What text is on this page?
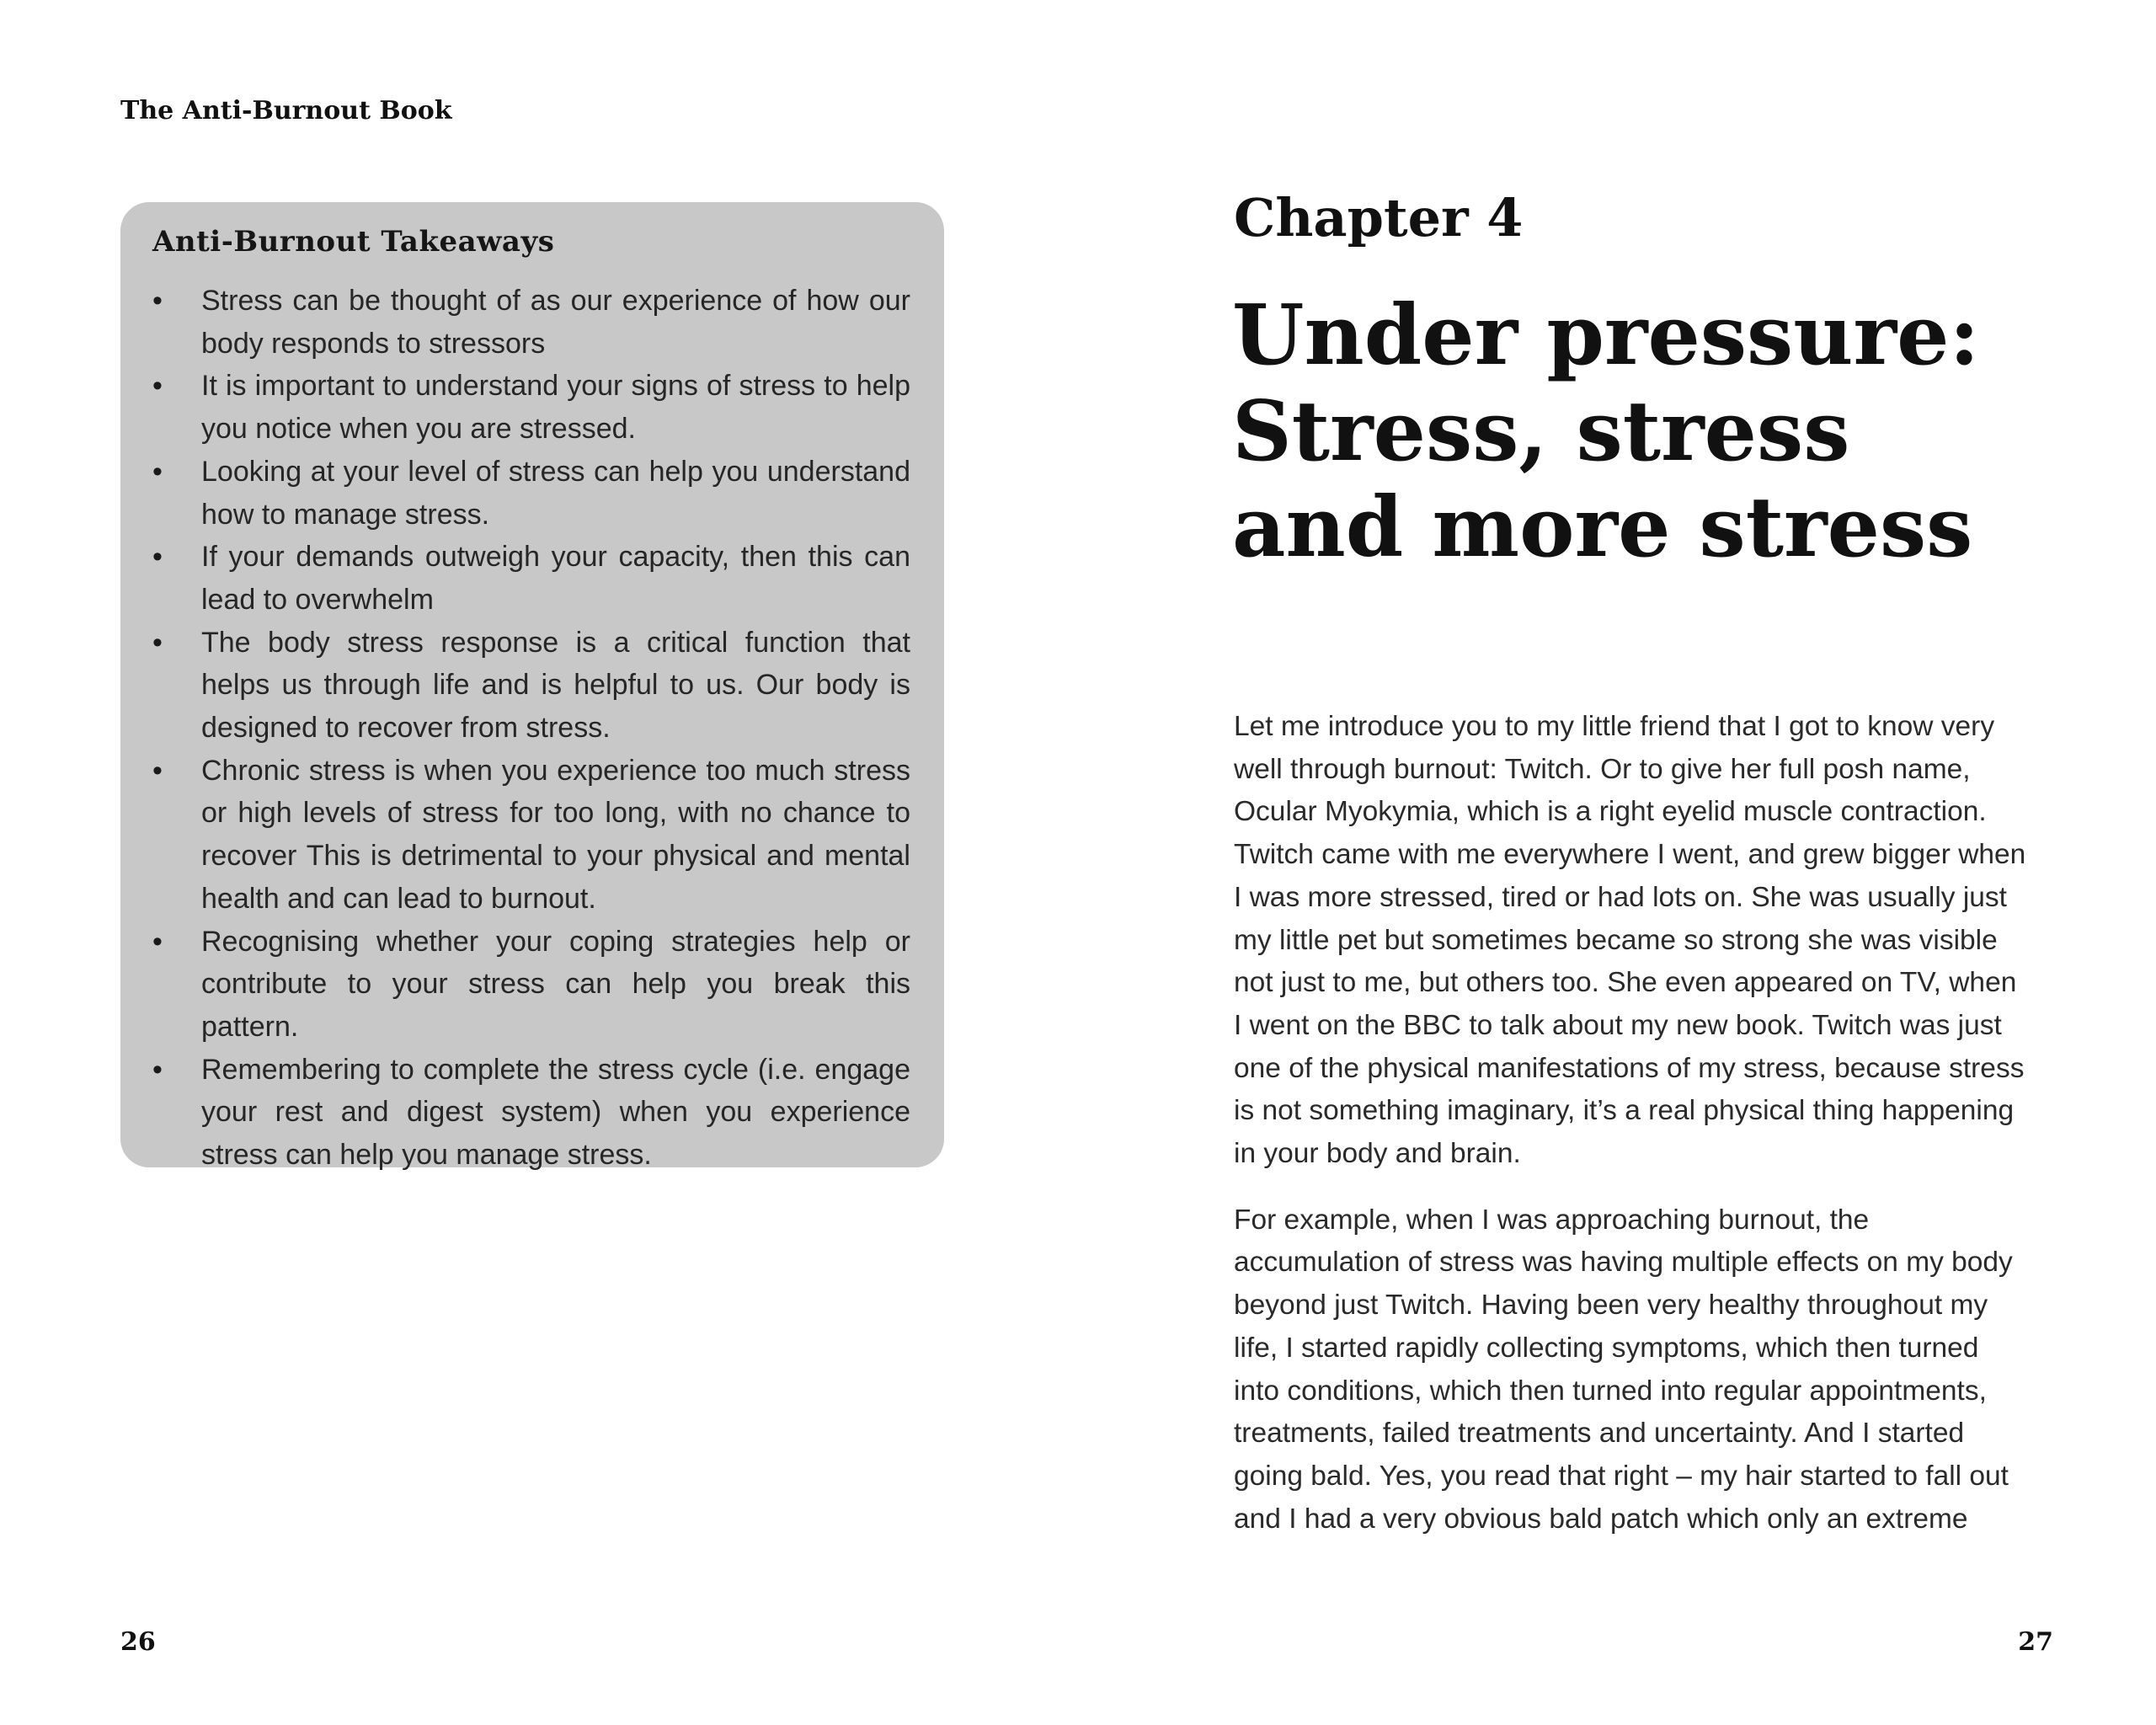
The Anti-Burnout Book
Anti-Burnout Takeaways
•	Stress can be thought of as our experience of how our body responds to stressors
•	It is important to understand your signs of stress to help you notice when you are stressed.
•	Looking at your level of stress can help you understand how to manage stress.
•	If your demands outweigh your capacity, then this can lead to overwhelm
•	The body stress response is a critical function that helps us through life and is helpful to us. Our body is designed to recover from stress.
•	Chronic stress is when you experience too much stress or high levels of stress for too long, with no chance to recover This is detrimental to your physical and mental health and can lead to burnout.
•	Recognising whether your coping strategies help or contribute to your stress can help you break this pattern.
•	Remembering to complete the stress cycle (i.e. engage your rest and digest system) when you experience stress can help you manage stress.
Chapter 4
Under pressure:
Stress, stress
and more stress

Let me introduce you to my little friend that I got to know very
well through burnout: Twitch. Or to give her full posh name,
Ocular Myokymia, which is a right eyelid muscle contraction.
Twitch came with me everywhere I went, and grew bigger when
I was more stressed, tired or had lots on. She was usually just
my little pet but sometimes became so strong she was visible
not just to me, but others too. She even appeared on TV, when
I went on the BBC to talk about my new book. Twitch was just
one of the physical manifestations of my stress, because stress
is not something imaginary, it’s a real physical thing happening
in your body and brain.

For example, when I was approaching burnout, the
accumulation of stress was having multiple effects on my body
beyond just Twitch. Having been very healthy throughout my
life, I started rapidly collecting symptoms, which then turned
into conditions, which then turned into regular appointments,
treatments, failed treatments and uncertainty. And I started
going bald. Yes, you read that right – my hair started to fall out
and I had a very obvious bald patch which only an extreme

26	27
